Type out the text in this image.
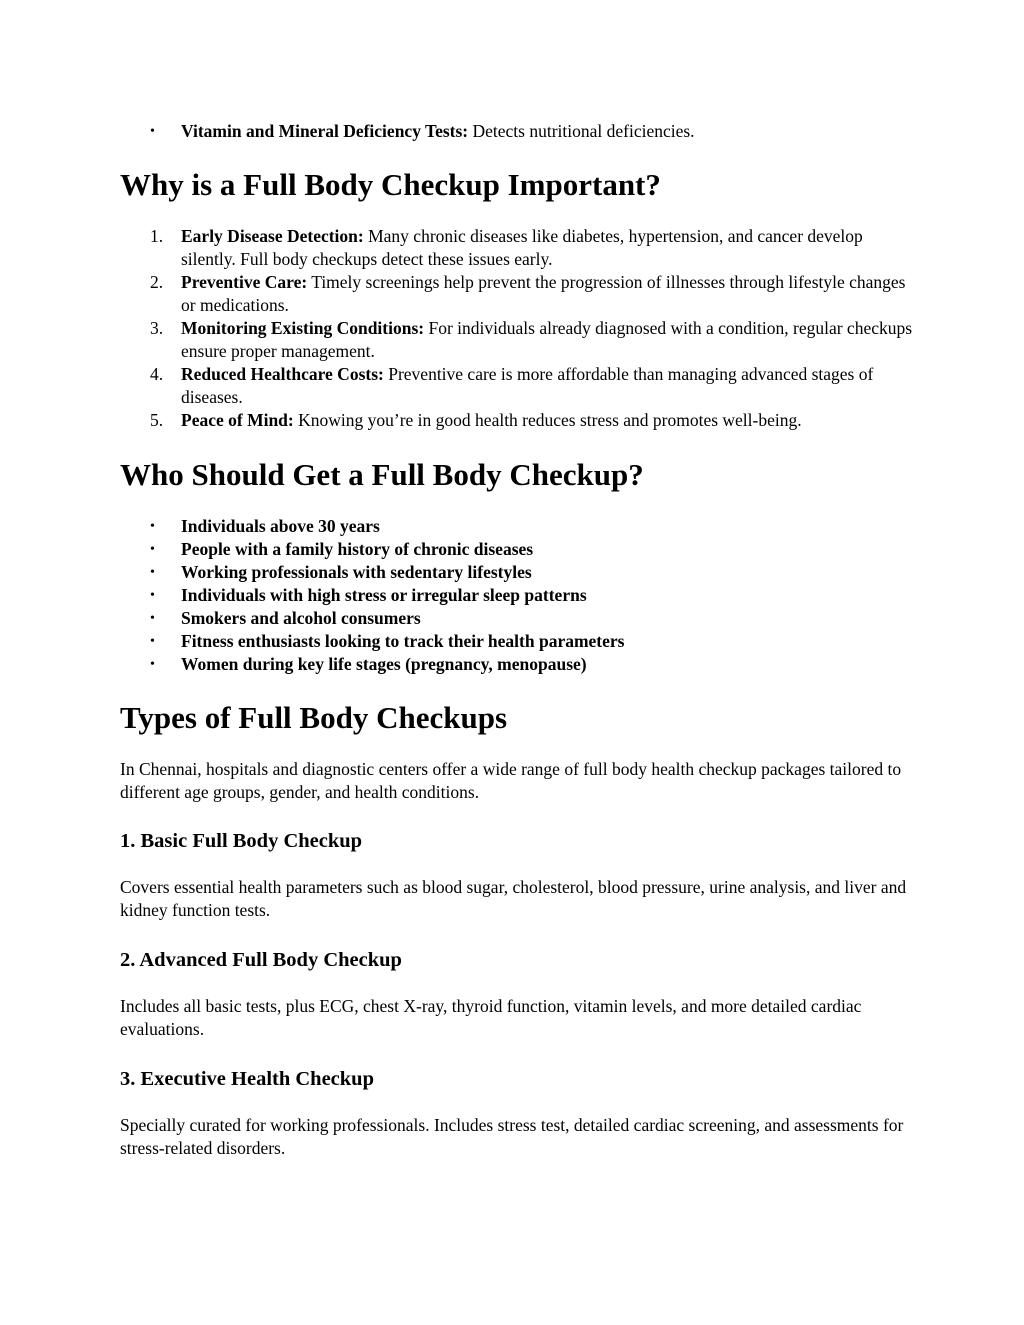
• Vitamin and Mineral Deficiency Tests: Detects nutritional deficiencies.
Why is a Full Body Checkup Important?
1.	Early Disease Detection: Many chronic diseases like diabetes, hypertension, and cancer develop silently. Full body checkups detect these issues early.
2.	Preventive Care: Timely screenings help prevent the progression of illnesses through lifestyle changes or medications.
3.	Monitoring Existing Conditions: For individuals already diagnosed with a condition, regular checkups ensure proper management.
4.	Reduced Healthcare Costs: Preventive care is more affordable than managing advanced stages of diseases.
5.	Peace of Mind: Knowing you’re in good health reduces stress and promotes well-being.
Who Should Get a Full Body Checkup?
• Individuals above 30 years
• People with a family history of chronic diseases
• Working professionals with sedentary lifestyles
• Individuals with high stress or irregular sleep patterns
• Smokers and alcohol consumers
• Fitness enthusiasts looking to track their health parameters
• Women during key life stages (pregnancy, menopause)
Types of Full Body Checkups

In Chennai, hospitals and diagnostic centers offer a wide range of full body health checkup packages tailored to different age groups, gender, and health conditions.

1. Basic Full Body Checkup

Covers essential health parameters such as blood sugar, cholesterol, blood pressure, urine analysis, and liver and kidney function tests.

2. Advanced Full Body Checkup

Includes all basic tests, plus ECG, chest X-ray, thyroid function, vitamin levels, and more detailed cardiac evaluations.

3. Executive Health Checkup

Specially curated for working professionals. Includes stress test, detailed cardiac screening, and assessments for stress-related disorders.
